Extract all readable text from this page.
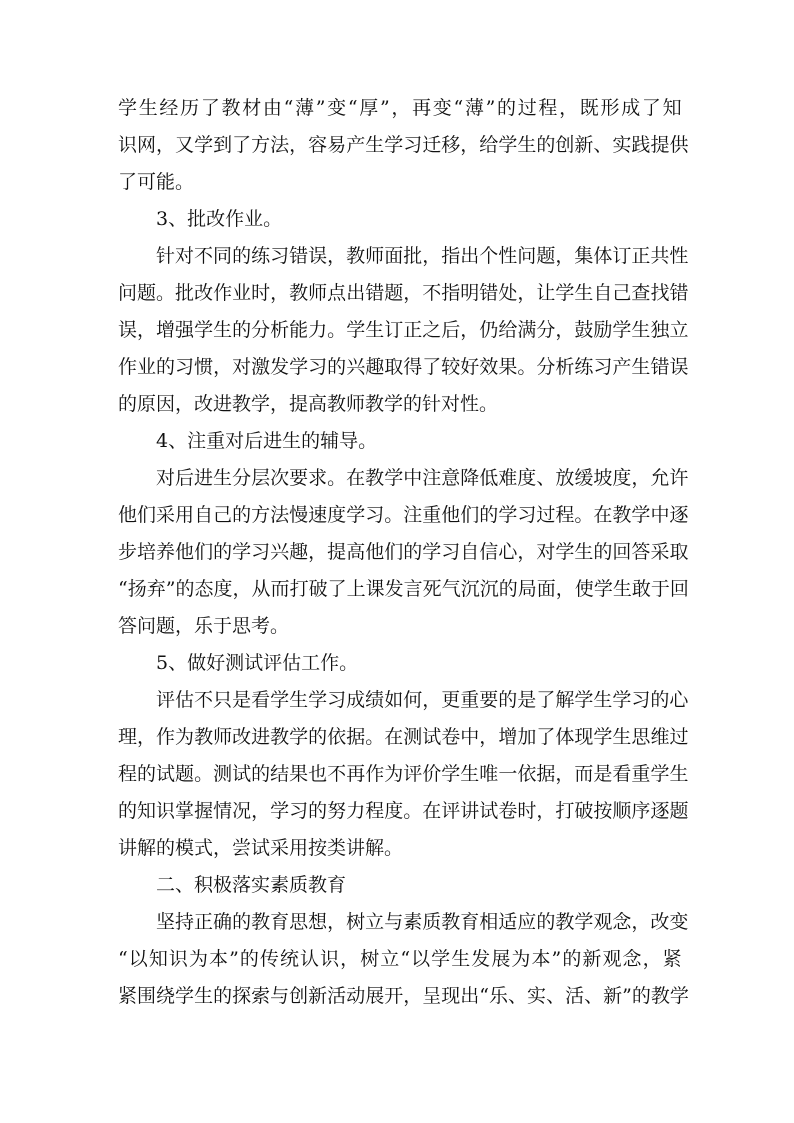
学 生 经 历 了 教 材 由 “ 薄 ” 变 “ 厚 ” ， 再 变 “ 薄 ” 的 过 程 ， 既 形 成 了 知
识 网 ， 又 学 到 了 方 法 ， 容 易 产 生 学 习 迁 移 ， 给 学 生 的 创 新 、 实 践 提 供
了可能。
3、批改作业。
针 对 不 同 的 练 习 错 误 ， 教 师 面 批 ， 指 出 个 性 问 题 ， 集 体 订 正 共 性
问 题 。 批 改 作 业 时 ， 教 师 点 出 错 题 ， 不 指 明 错 处 ， 让 学 生 自 己 查 找 错
误 ， 增 强 学 生 的 分 析 能 力 。 学 生 订 正 之 后 ， 仍 给 满 分 ， 鼓 励 学 生 独 立
作 业 的 习 惯 ， 对 激 发 学 习 的 兴 趣 取 得 了 较 好 效 果 。 分 析 练 习 产 生 错 误
的原因，改进教学，提高教师教学的针对性。
4、注重对后进生的辅导。
对 后 进 生 分 层 次 要 求 。 在 教 学 中 注 意 降 低 难 度 、 放 缓 坡 度 ， 允 许
他 们 采 用 自 己 的 方 法 慢 速 度 学 习 。 注 重 他 们 的 学 习 过 程 。 在 教 学 中 逐
步 培 养 他 们 的 学 习 兴 趣 ， 提 高 他 们 的 学 习 自 信 心 ， 对 学 生 的 回 答 采 取
“ 扬 弃 ” 的 态 度 ， 从 而 打 破 了 上 课 发 言 死 气 沉 沉 的 局 面 ， 使 学 生 敢 于 回
答问题，乐于思考。
5、做好测试评估工作。
评 估 不 只 是 看 学 生 学 习 成 绩 如 何 ， 更 重 要 的 是 了 解 学 生 学 习 的 心
理 ， 作 为 教 师 改 进 教 学 的 依 据 。 在 测 试 卷 中 ， 增 加 了 体 现 学 生 思 维 过
程 的 试 题 。 测 试 的 结 果 也 不 再 作 为 评 价 学 生 唯 一 依 据 ， 而 是 看 重 学 生
的 知 识 掌 握 情 况 ， 学 习 的 努 力 程 度 。 在 评 讲 试 卷 时 ， 打 破 按 顺 序 逐 题
讲解的模式，尝试采用按类讲解。
二、积极落实素质教育
坚 持 正 确 的 教 育 思 想 ， 树 立 与 素 质 教 育 相 适 应 的 教 学 观 念 ， 改 变
“ 以 知 识 为 本 ” 的 传 统 认 识 ， 树 立 “ 以 学 生 发 展 为 本 ” 的 新 观 念 ， 紧
紧 围 绕 学 生 的 探 索 与 创 新 活 动 展 开 ， 呈 现 出 “ 乐 、 实 、 活 、 新 ” 的 教 学
